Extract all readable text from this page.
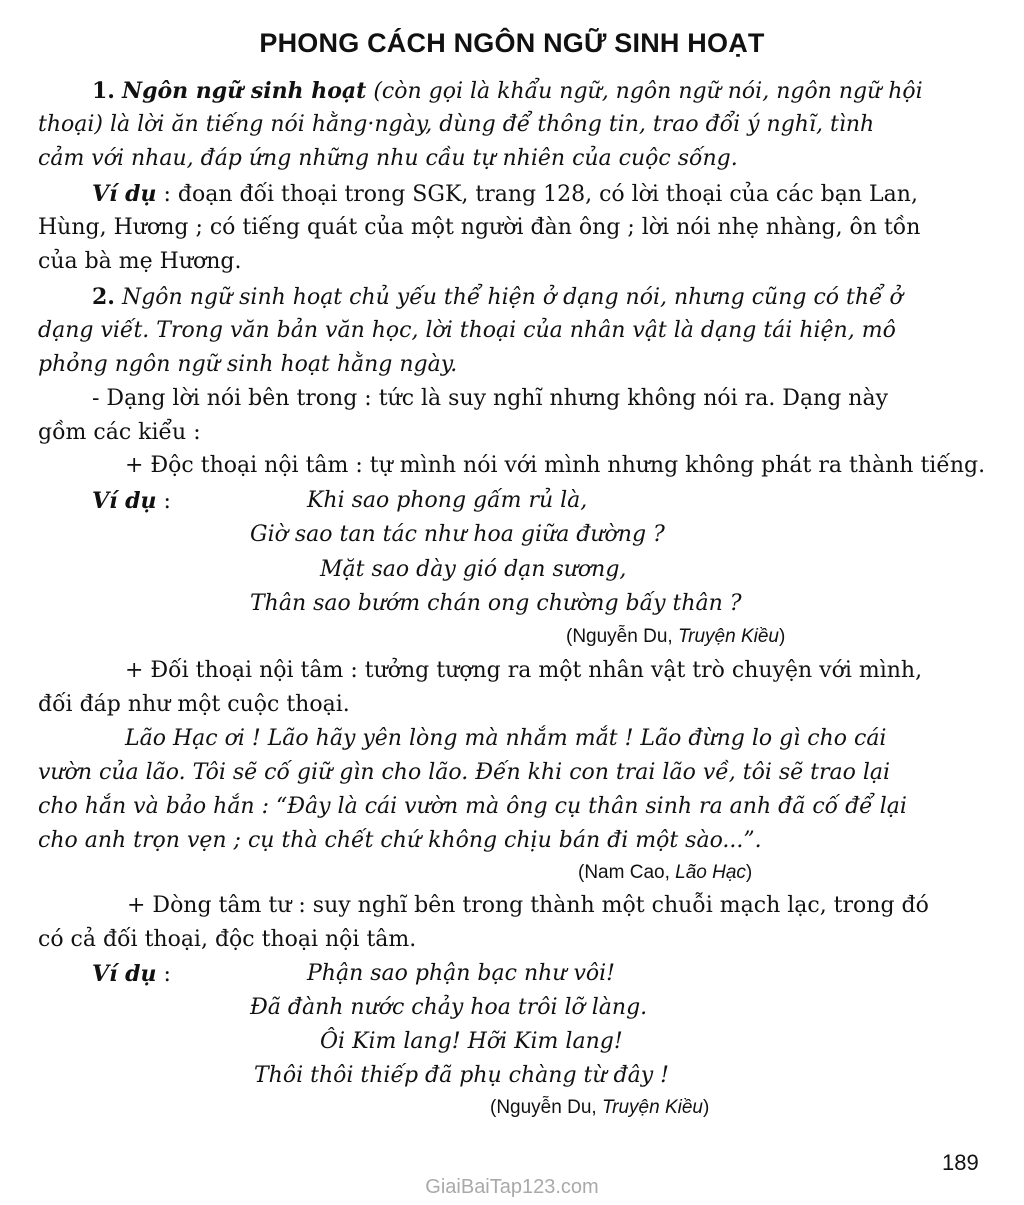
PHONG CÁCH NGÔN NGỮ SINH HOẠT
1. Ngôn ngữ sinh hoạt (còn gọi là khẩu ngữ, ngôn ngữ nói, ngôn ngữ hội
thoại) là lời ăn tiếng nói hằng·ngày, dùng để thông tin, trao đổi ý nghĩ, tình
cảm với nhau, đáp ứng những nhu cầu tự nhiên của cuộc sống.
Ví dụ : đoạn đối thoại trong SGK, trang 128, có lời thoại của các bạn Lan,
Hùng, Hương ; có tiếng quát của một người đàn ông ; lời nói nhẹ nhàng, ôn tồn
của bà mẹ Hương.
2. Ngôn ngữ sinh hoạt chủ yếu thể hiện ở dạng nói, nhưng cũng có thể ở
dạng viết. Trong văn bản văn học, lời thoại của nhân vật là dạng tái hiện, mô
phỏng ngôn ngữ sinh hoạt hằng ngày.
- Dạng lời nói bên trong : tức là suy nghĩ nhưng không nói ra. Dạng này
gồm các kiểu :
+ Độc thoại nội tâm : tự mình nói với mình nhưng không phát ra thành tiếng.
Ví dụ :	Khi sao phong gấm rủ là,
Giờ sao tan tác như hoa giữa đường ?
Mặt sao dày gió dạn sương,
Thân sao bướm chán ong chường bấy thân ?
(Nguyễn Du, Truyện Kiều)
+ Đối thoại nội tâm : tưởng tượng ra một nhân vật trò chuyện với mình,
đối đáp như một cuộc thoại.
Lão Hạc ơi ! Lão hãy yên lòng mà nhắm mắt ! Lão đừng lo gì cho cái
vườn của lão. Tôi sẽ cố giữ gìn cho lão. Đến khi con trai lão về, tôi sẽ trao lại
cho hắn và bảo hắn : “Đây là cái vườn mà ông cụ thân sinh ra anh đã cố để lại
cho anh trọn vẹn ; cụ thà chết chứ không chịu bán đi một sào...”.
(Nam Cao, Lão Hạc)
+ Dòng tâm tư : suy nghĩ bên trong thành một chuỗi mạch lạc, trong đó
có cả đối thoại, độc thoại nội tâm.
Ví dụ :	Phận sao phận bạc như vôi!
Đã đành nước chảy hoa trôi lỡ làng.
Ôi Kim lang! Hỡi Kim lang!
Thôi thôi thiếp đã phụ chàng từ đây !
(Nguyễn Du, Truyện Kiều)
189
GiaiBaiTap123.com
